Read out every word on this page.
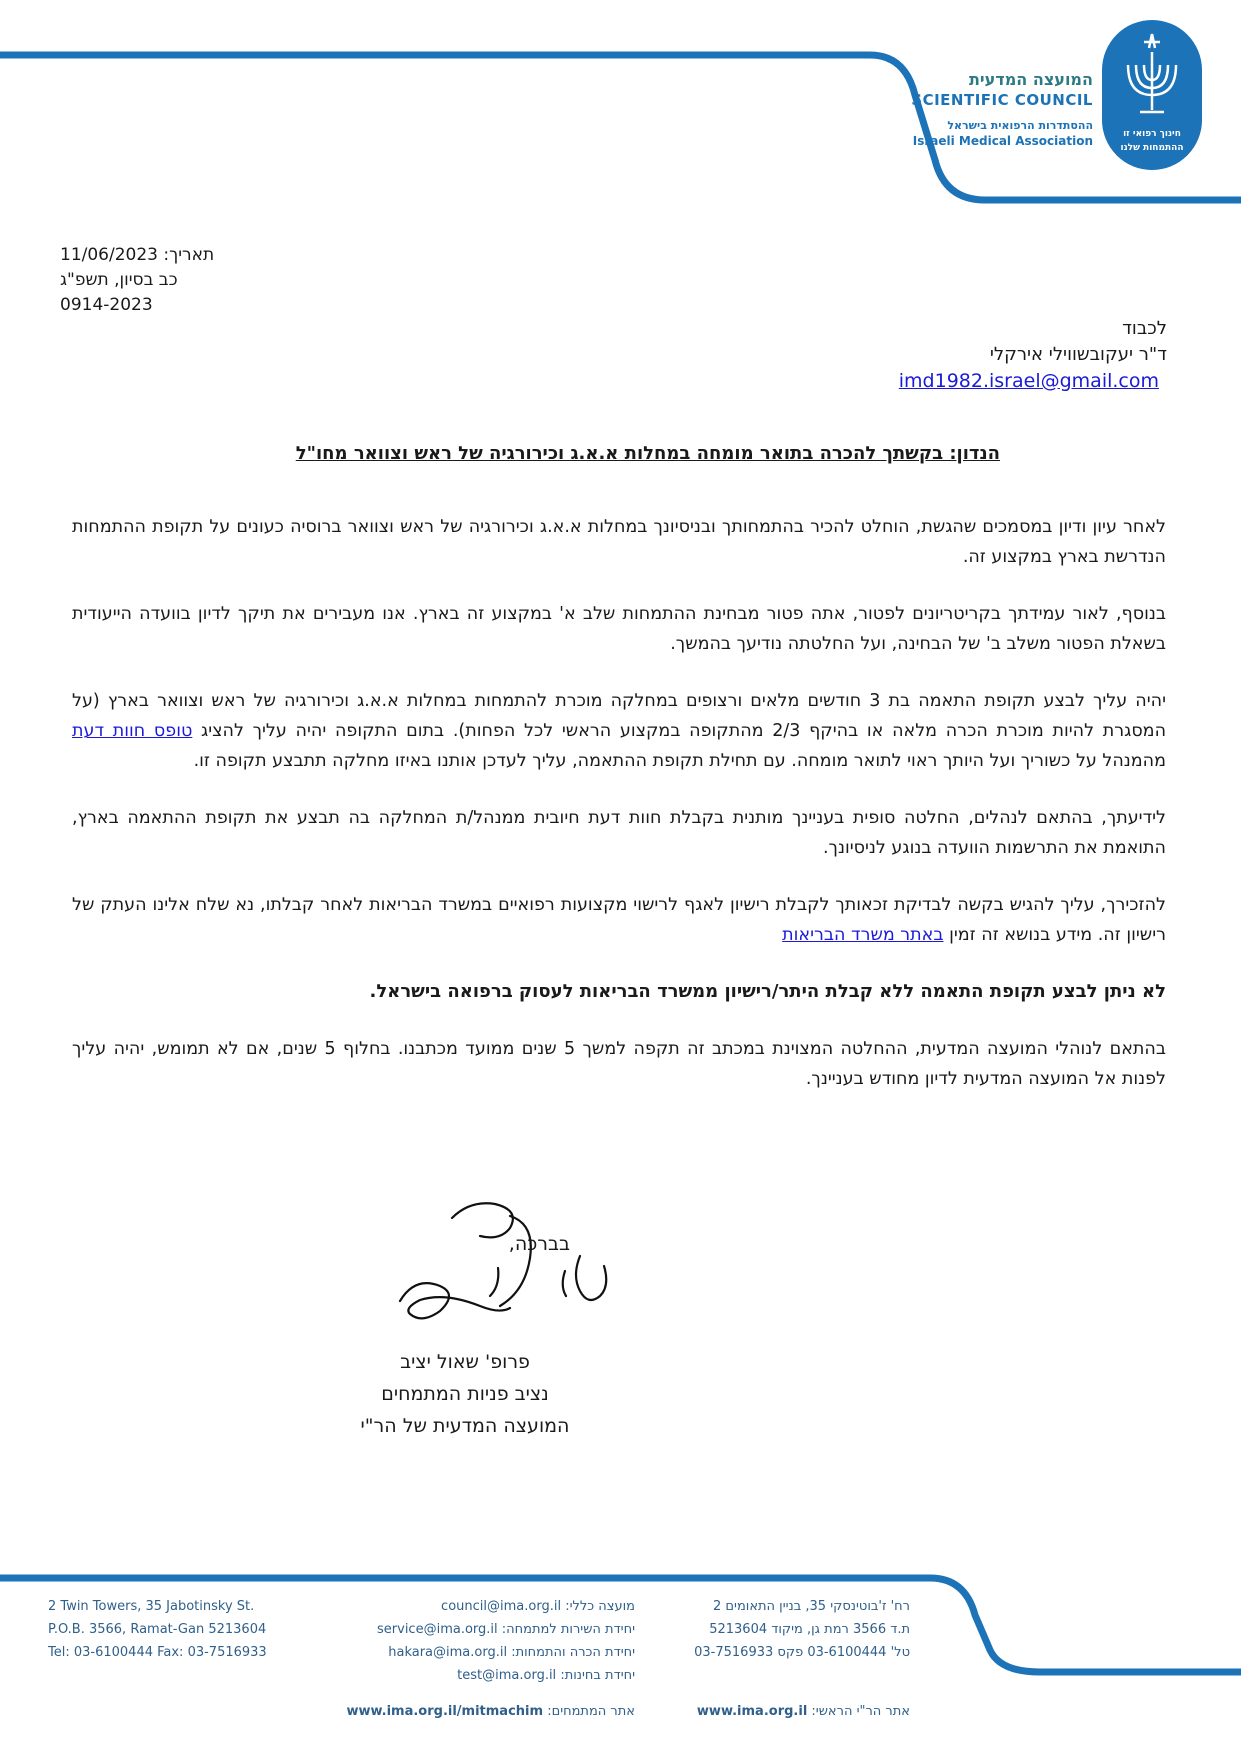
המועצה המדעית
SCIENTIFIC COUNCIL
ההסתדרות הרפואית בישראל
Israeli Medical Association	חינוך רפואי זו
ההתמחות שלנו
תאריך: 11/06/2023
כב בסיון, תשפ"ג
0914-2023
לכבוד
ד"ר יעקובשווילי אירקלי
imd1982.israel@gmail.com
הנדון: בקשתך להכרה בתואר מומחה במחלות א.א.ג וכירורגיה של ראש וצוואר מחו"ל

לאחר עיון ודיון במסמכים שהגשת, הוחלט להכיר בהתמחותך ובניסיונך במחלות א.א.ג וכירורגיה של ראש וצוואר ברוסיה כעונים על תקופת ההתמחות הנדרשת בארץ במקצוע זה.

בנוסף, לאור עמידתך בקריטריונים לפטור, אתה פטור מבחינת ההתמחות שלב א' במקצוע זה בארץ. אנו מעבירים את תיקך לדיון בוועדה הייעודית בשאלת הפטור משלב ב' של הבחינה, ועל החלטתה נודיעך בהמשך.

יהיה עליך לבצע תקופת התאמה בת 3 חודשים מלאים ורצופים במחלקה מוכרת להתמחות במחלות א.א.ג וכירורגיה של ראש וצוואר בארץ (על המסגרת להיות מוכרת הכרה מלאה או בהיקף 2/3 מהתקופה במקצוע הראשי לכל הפחות). בתום התקופה יהיה עליך להציג טופס חוות דעת מהמנהל על כשוריך ועל היותך ראוי לתואר מומחה. עם תחילת תקופת ההתאמה, עליך לעדכן אותנו באיזו מחלקה תתבצע תקופה זו.

לידיעתך, בהתאם לנהלים, החלטה סופית בעניינך מותנית בקבלת חוות דעת חיובית ממנהל/ת המחלקה בה תבצע את תקופת ההתאמה בארץ, התואמת את התרשמות הוועדה בנוגע לניסיונך.

להזכירך, עליך להגיש בקשה לבדיקת זכאותך לקבלת רישיון לאגף לרישוי מקצועות רפואיים במשרד הבריאות לאחר קבלתו, נא שלח אלינו העתק של רישיון זה. מידע בנושא זה זמין באתר משרד הבריאות

לא ניתן לבצע תקופת התאמה ללא קבלת היתר/רישיון ממשרד הבריאות לעסוק ברפואה בישראל.

בהתאם לנוהלי המועצה המדעית, ההחלטה המצוינת במכתב זה תקפה למשך 5 שנים ממועד מכתבנו. בחלוף 5 שנים, אם לא תמומש, יהיה עליך לפנות אל המועצה המדעית לדיון מחודש בעניינך.

בברכה,
פרופ' שאול יציב
נציב פניות המתמחים
המועצה המדעית של הר"י
2 Twin Towers, 35 Jabotinsky St.
P.O.B. 3566, Ramat-Gan 5213604
Tel: 03-6100444 Fax: 03-7516933
מועצה כללי: council@ima.org.il
יחידת השירות למתמחה: service@ima.org.il
יחידת הכרה והתמחות: hakara@ima.org.il
יחידת בחינות: test@ima.org.il
רח' ז'בוטינסקי 35, בניין התאומים 2
ת.ד 3566 רמת גן, מיקוד 5213604
טל' 03-6100444 פקס 03-7516933
אתר המתמחים: www.ima.org.il/mitmachim	אתר הר"י הראשי: www.ima.org.il
